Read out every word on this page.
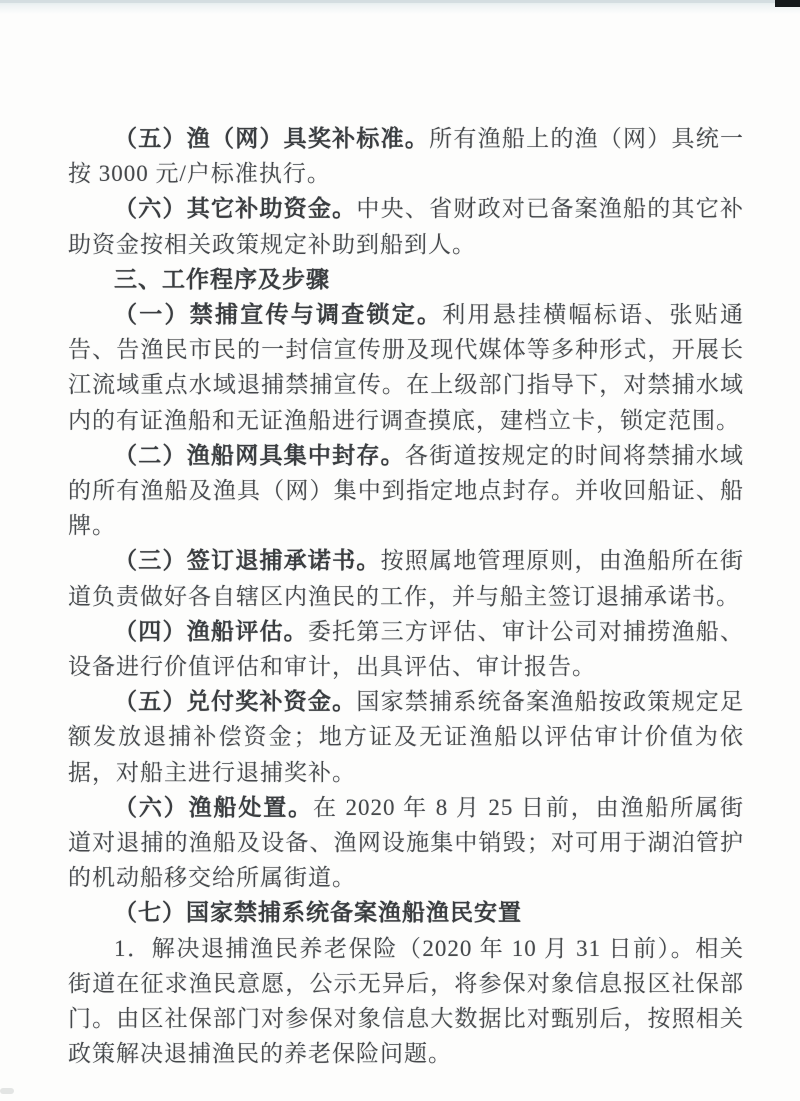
（五）渔（网）具奖补标准。所有渔船上的渔（网）具统一按 3000 元/户标准执行。

（六）其它补助资金。中央、省财政对已备案渔船的其它补助资金按相关政策规定补助到船到人。

三、工作程序及步骤

（一）禁捕宣传与调查锁定。利用悬挂横幅标语、张贴通告、告渔民市民的一封信宣传册及现代媒体等多种形式，开展长江流域重点水域退捕禁捕宣传。在上级部门指导下，对禁捕水域内的有证渔船和无证渔船进行调查摸底，建档立卡，锁定范围。

（二）渔船网具集中封存。各街道按规定的时间将禁捕水域的所有渔船及渔具（网）集中到指定地点封存。并收回船证、船牌。

（三）签订退捕承诺书。按照属地管理原则，由渔船所在街道负责做好各自辖区内渔民的工作，并与船主签订退捕承诺书。

（四）渔船评估。委托第三方评估、审计公司对捕捞渔船、设备进行价值评估和审计，出具评估、审计报告。

（五）兑付奖补资金。国家禁捕系统备案渔船按政策规定足额发放退捕补偿资金；地方证及无证渔船以评估审计价值为依据，对船主进行退捕奖补。

（六）渔船处置。在 2020 年 8 月 25 日前，由渔船所属街道对退捕的渔船及设备、渔网设施集中销毁；对可用于湖泊管护的机动船移交给所属街道。

（七）国家禁捕系统备案渔船渔民安置

1．解决退捕渔民养老保险（2020 年 10 月 31 日前）。相关街道在征求渔民意愿，公示无异后，将参保对象信息报区社保部门。由区社保部门对参保对象信息大数据比对甄别后，按照相关政策解决退捕渔民的养老保险问题。
